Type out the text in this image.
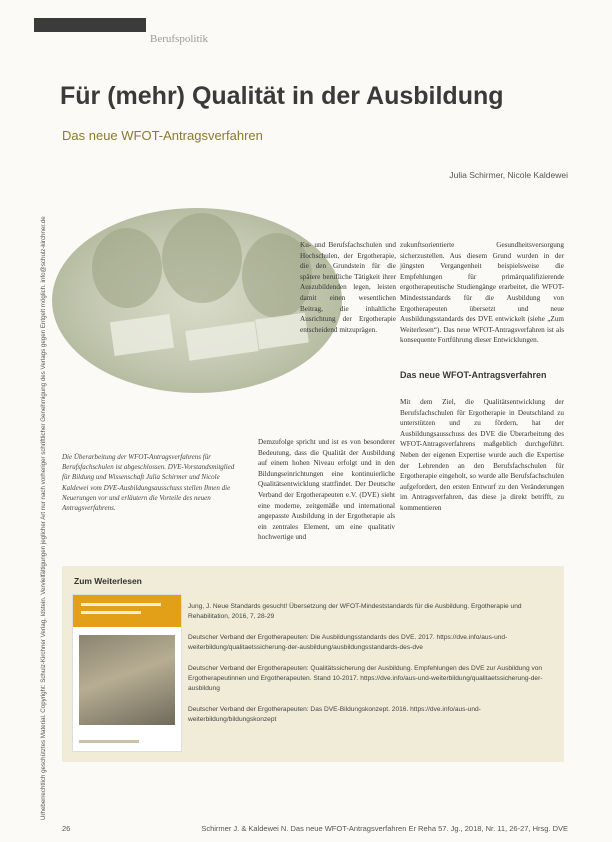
Berufspolitik
Urheberrechtlich geschütztes Material. Copyright: Schulz-Kirchner Verlag, Idstein. Vervielfältigungen jeglicher Art nur nach vorheriger schriftlicher Genehmigung des Verlags gegen Entgelt möglich. info@schulz-kirchner.de
Für (mehr) Qualität in der Ausbildung
Das neue WFOT-Antragsverfahren
Julia Schirmer, Nicole Kaldewei

Ku- und Berufsfachschulen und Hochschulen, der Ergotherapie, die den Grundstein für die spätere berufliche Tätigkeit ihrer Auszubildenden legen, leisten damit einen wesentlichen Beitrag, die inhaltliche Ausrichtung der Ergotherapie entscheidend mitzuprägen.

Demzufolge spricht und ist es von besonderer Bedeutung, dass die Qualität der Ausbildung auf einem hohen Niveau erfolgt und in den Bildungseinrichtungen eine kontinuierliche Qualitätsentwicklung stattfindet. Der Deutsche Verband der Ergotherapeuten e.V. (DVE) sieht eine moderne, zeitgemäße und international angepasste Ausbildung in der Ergotherapie als ein zentrales Element, um eine qualitativ hochwertige und

Die Überarbeitung der WFOT-Antragsverfahrens für Berufsfachschulen ist abgeschlossen. DVE-Vorstandsmitglied für Bildung und Wissenschaft Julia Schirmer und Nicole Kaldewei vom DVE-Ausbildungsausschuss stellen Ihnen die Neuerungen vor und erläutern die Vorteile des neuen Antragsverfahrens.

zukunftsorientierte Gesundheitsversorgung sicherzustellen. Aus diesem Grund wurden in der jüngsten Vergangenheit beispielsweise die Empfehlungen für primärqualifizierende ergotherapeutische Studiengänge erarbeitet, die WFOT-Mindeststandards für die Ausbildung von Ergotherapeuten übersetzt und neue Ausbildungsstandards des DVE entwickelt (siehe „Zum Weiterlesen“). Das neue WFOT-Antragsverfahren ist als konsequente Fortführung dieser Entwicklungen.

Das neue WFOT-Antragsverfahren

Mit dem Ziel, die Qualitätsentwicklung der Berufsfachschulen für Ergotherapie in Deutschland zu unterstützen und zu fördern, hat der Ausbildungsausschuss des DVE die Überarbeitung des WFOT-Antragsverfahrens maßgeblich durchgeführt. Neben der eigenen Expertise wurde auch die Expertise der Lehrenden an den Berufsfachschulen für Ergotherapie eingeholt, so wurde alle Berufsfachschulen aufgefordert, den ersten Entwurf zu den Veränderungen im Antragsverfahren, das diese ja direkt betrifft, zu kommentieren

Zum Weiterlesen

Jung, J. Neue Standards gesucht! Übersetzung der WFOT-Mindeststandards für die Ausbildung. Ergotherapie und Rehabilitation, 2016, 7, 28-29

Deutscher Verband der Ergotherapeuten: Die Ausbildungsstandards des DVE. 2017. https://dve.info/aus-und-weiterbildung/qualitaetssicherung-der-ausbildung/ausbildungsstandards-des-dve

Deutscher Verband der Ergotherapeuten: Qualitätssicherung der Ausbildung. Empfehlungen des DVE zur Ausbildung von Ergotherapeutinnen und Ergotherapeuten. Stand 10-2017. https://dve.info/aus-und-weiterbildung/qualitaetssicherung-der-ausbildung

Deutscher Verband der Ergotherapeuten: Das DVE-Bildungskonzept. 2016. https://dve.info/aus-und-weiterbildung/bildungskonzept

26	Schirmer J. & Kaldewei N. Das neue WFOT-Antragsverfahren Er Reha 57. Jg., 2018, Nr. 11, 26-27, Hrsg. DVE
